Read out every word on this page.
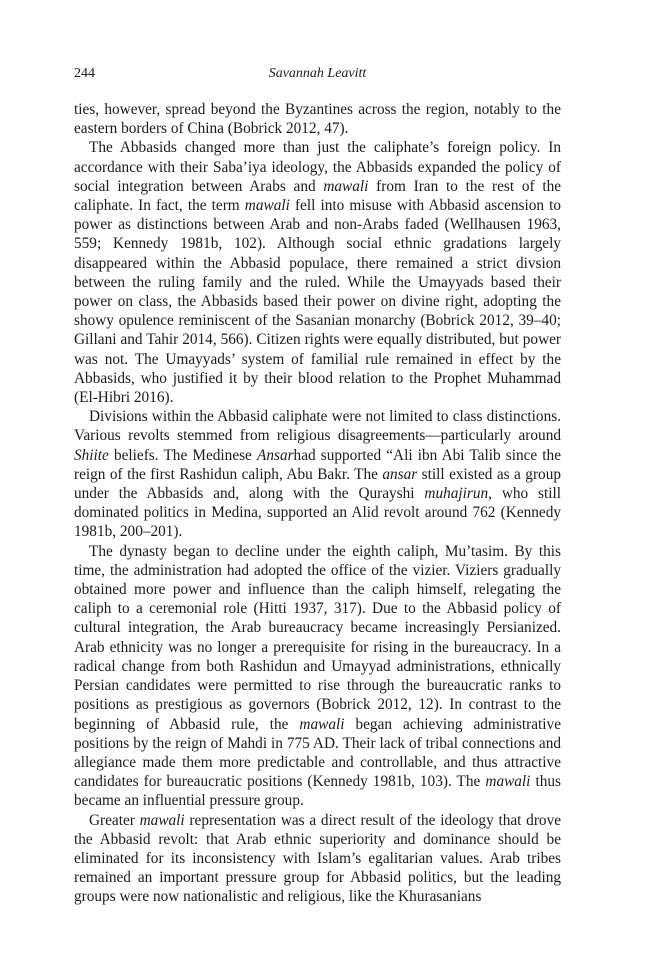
244	Savannah Leavitt

ties, however, spread beyond the Byzantines across the region, notably to the eastern borders of China (Bobrick 2012, 47).

The Abbasids changed more than just the caliphate’s foreign policy. In accordance with their Saba’iya ideology, the Abbasids expanded the policy of social integration between Arabs and mawali from Iran to the rest of the caliphate. In fact, the term mawali fell into misuse with Abbasid ascension to power as distinctions between Arab and non-Arabs faded (Wellhausen 1963, 559; Kennedy 1981b, 102). Although social ethnic gradations largely disappeared within the Abbasid populace, there remained a strict divsion between the ruling family and the ruled. While the Umayyads based their power on class, the Abbasids based their power on divine right, adopting the showy opulence reminiscent of the Sasanian monarchy (Bobrick 2012, 39–40; Gillani and Tahir 2014, 566). Citizen rights were equally distributed, but power was not. The Umayyads’ system of familial rule remained in effect by the Abbasids, who justified it by their blood relation to the Prophet Muhammad (El-Hibri 2016).

Divisions within the Abbasid caliphate were not limited to class distinctions. Various revolts stemmed from religious disagreements—particularly around Shiite beliefs. The Medinese Ansarhad supported “Ali ibn Abi Talib since the reign of the first Rashidun caliph, Abu Bakr. The ansar still existed as a group under the Abbasids and, along with the Qurayshi muhajirun, who still dominated politics in Medina, supported an Alid revolt around 762 (Kennedy 1981b, 200–201).

The dynasty began to decline under the eighth caliph, Mu’tasim. By this time, the administration had adopted the office of the vizier. Viziers gradually obtained more power and influence than the caliph himself, relegating the caliph to a ceremonial role (Hitti 1937, 317). Due to the Abbasid policy of cultural integration, the Arab bureaucracy became increasingly Persianized. Arab ethnicity was no longer a prerequisite for rising in the bureaucracy. In a radical change from both Rashidun and Umayyad administrations, ethnically Persian candidates were permitted to rise through the bureaucratic ranks to positions as prestigious as governors (Bobrick 2012, 12). In contrast to the beginning of Abbasid rule, the mawali began achieving administrative positions by the reign of Mahdi in 775 AD. Their lack of tribal connections and allegiance made them more predictable and controllable, and thus attractive candidates for bureaucratic positions (Kennedy 1981b, 103). The mawali thus became an influential pressure group.

Greater mawali representation was a direct result of the ideology that drove the Abbasid revolt: that Arab ethnic superiority and dominance should be eliminated for its inconsistency with Islam’s egalitarian values. Arab tribes remained an important pressure group for Abbasid politics, but the leading groups were now nationalistic and religious, like the Khurasanians
